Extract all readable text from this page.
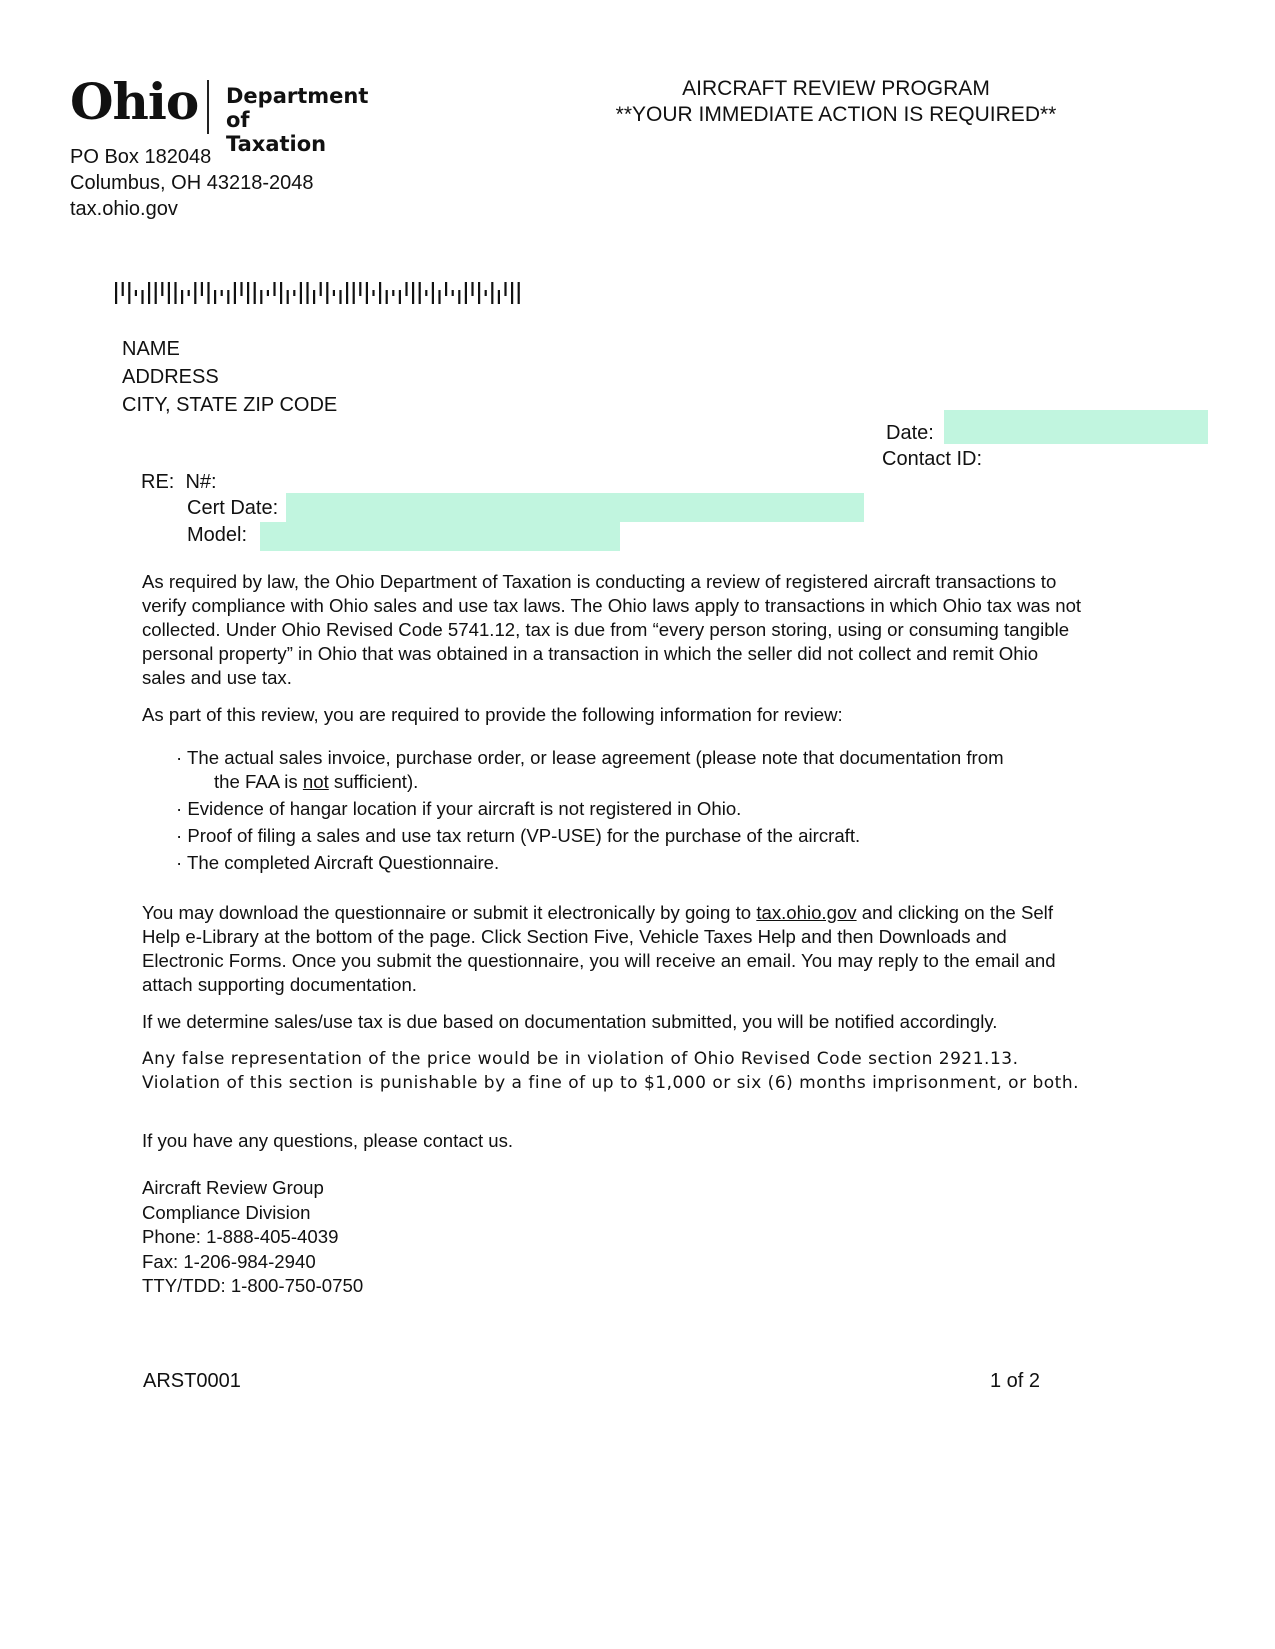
Ohio Department of
Taxation
AIRCRAFT REVIEW PROGRAM
**YOUR IMMEDIATE ACTION IS REQUIRED**
PO Box 182048
Columbus, OH 43218-2048
tax.ohio.gov
NAME
ADDRESS
CITY, STATE ZIP CODE
Date:
Contact ID:
RE: N#:
Cert Date:
Model:
As required by law, the Ohio Department of Taxation is conducting a review of registered aircraft transactions to verify compliance with Ohio sales and use tax laws. The Ohio laws apply to transactions in which Ohio tax was not collected. Under Ohio Revised Code 5741.12, tax is due from “every person storing, using or consuming tangible personal property” in Ohio that was obtained in a transaction in which the seller did not collect and remit Ohio sales and use tax.
As part of this review, you are required to provide the following information for review:
· The actual sales invoice, purchase order, or lease agreement (please note that documentation from
the FAA is not sufficient).
· Evidence of hangar location if your aircraft is not registered in Ohio.
· Proof of filing a sales and use tax return (VP-USE) for the purchase of the aircraft.
· The completed Aircraft Questionnaire.
You may download the questionnaire or submit it electronically by going to tax.ohio.gov and clicking on the Self Help e-Library at the bottom of the page. Click Section Five, Vehicle Taxes Help and then Downloads and Electronic Forms. Once you submit the questionnaire, you will receive an email. You may reply to the email and attach supporting documentation.
If we determine sales/use tax is due based on documentation submitted, you will be notified accordingly.
Any false representation of the price would be in violation of Ohio Revised Code section 2921.13. Violation of this section is punishable by a fine of up to $1,000 or six (6) months imprisonment, or both.
If you have any questions, please contact us.
Aircraft Review Group
Compliance Division
Phone: 1-888-405-4039
Fax: 1-206-984-2940
TTY/TDD: 1-800-750-0750
ARST0001	1 of 2
